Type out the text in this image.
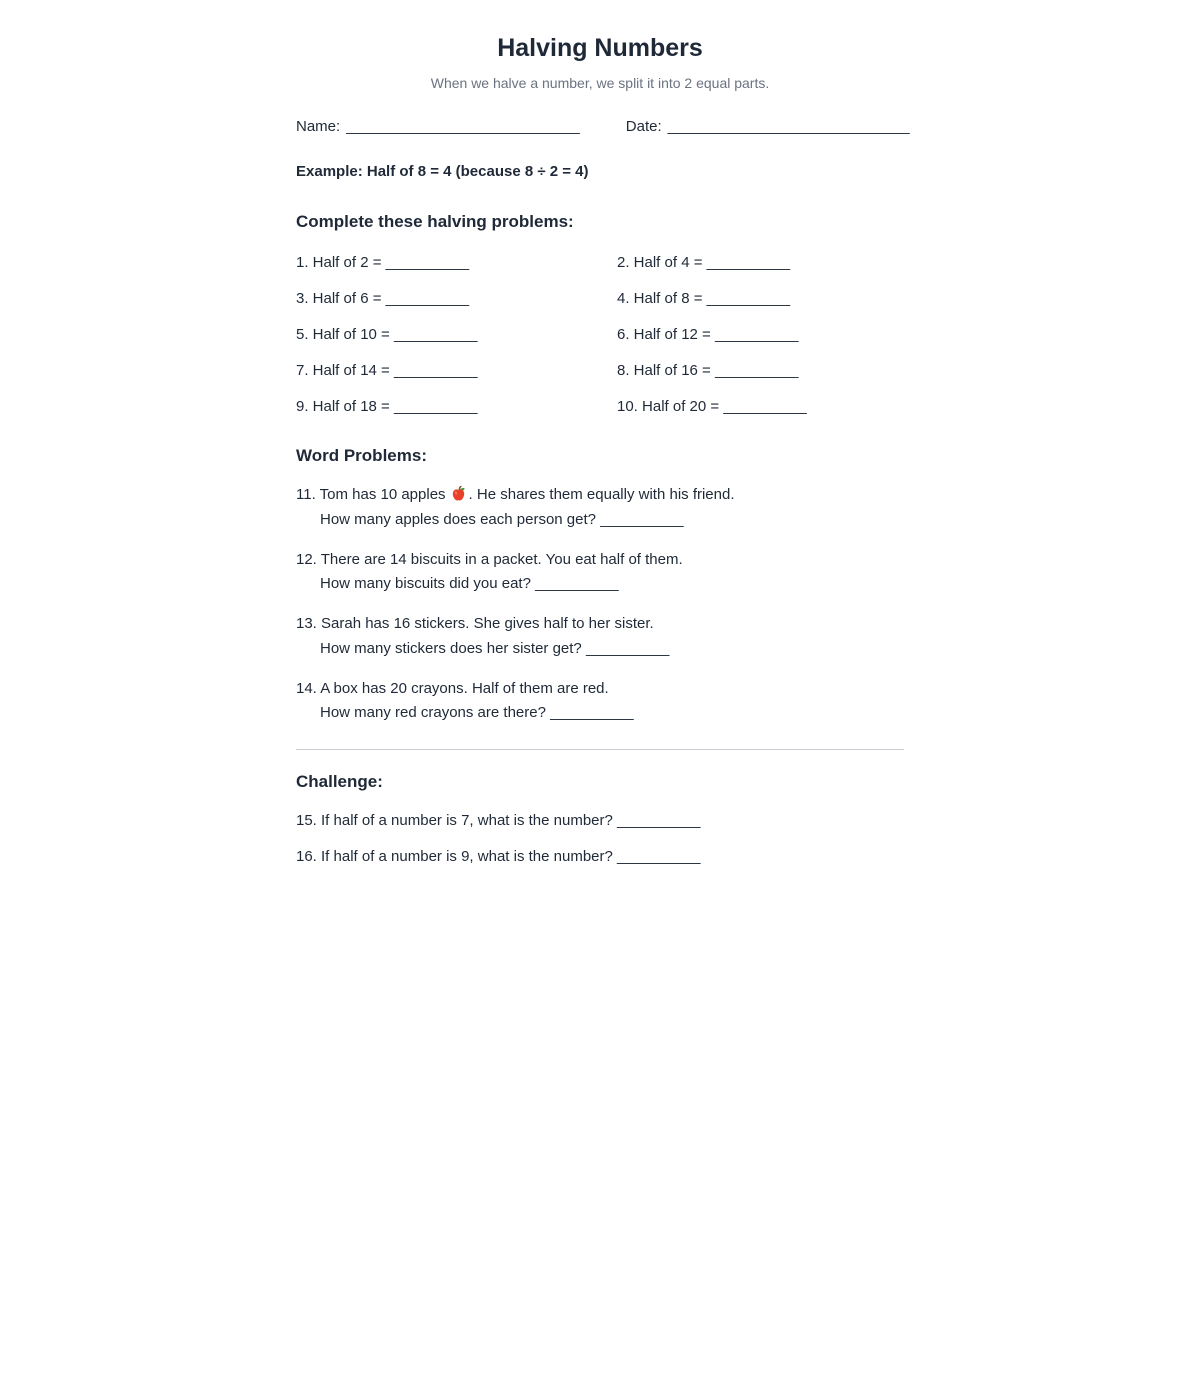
Halving Numbers

When we halve a number, we split it into 2 equal parts.

Name: ____________________________	Date: _____________________________

Example: Half of 8 = 4 (because 8 ÷ 2 = 4)

Complete these halving problems:
1. Half of 2 = __________	2. Half of 4 = __________
3. Half of 6 = __________	4. Half of 8 = __________
5. Half of 10 = __________	6. Half of 12 = __________
7. Half of 14 = __________	8. Half of 16 = __________
9. Half of 18 = __________	10. Half of 20 = __________
Word Problems:
11. Tom has 10 apples . He shares them equally with his friend.
How many apples does each person get? __________
12. There are 14 biscuits in a packet. You eat half of them.
How many biscuits did you eat? __________
13. Sarah has 16 stickers. She gives half to her sister.
How many stickers does her sister get? __________
14. A box has 20 crayons. Half of them are red.
How many red crayons are there? __________
Challenge:
15. If half of a number is 7, what is the number? __________
16. If half of a number is 9, what is the number? __________
